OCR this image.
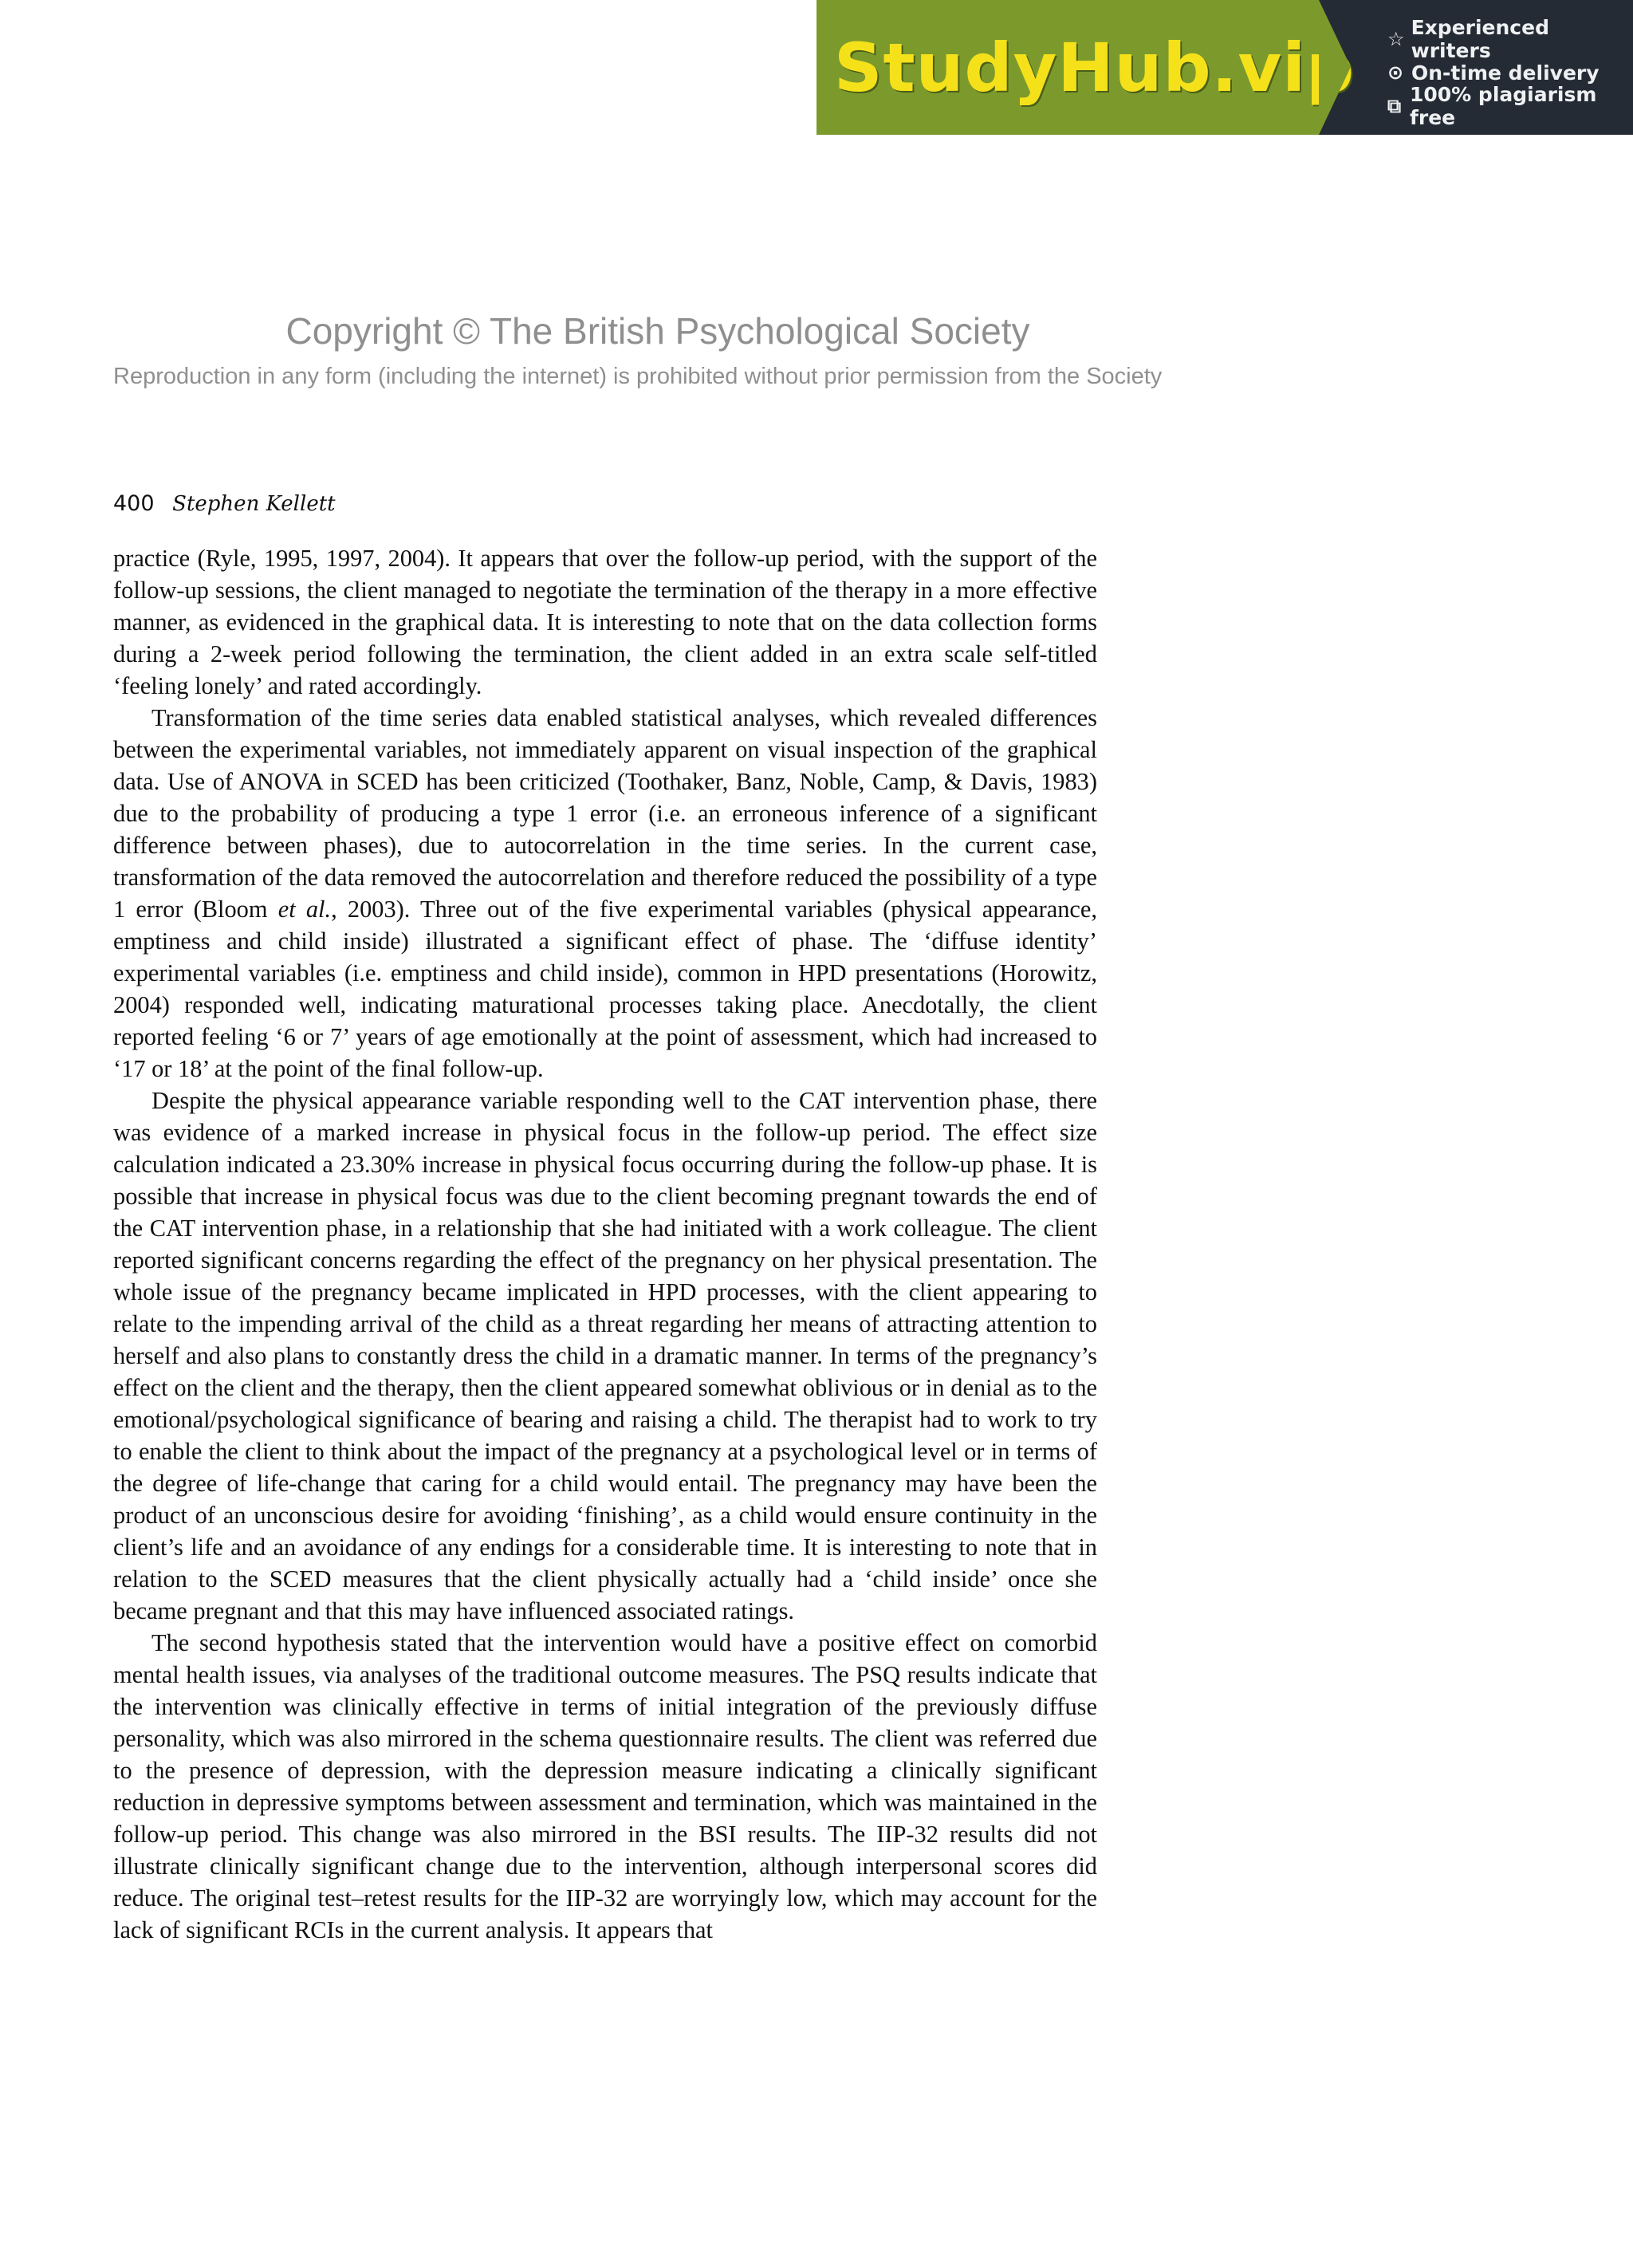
StudyHub.vip ☆ Experienced writers
⊙ On-time delivery
⧉ 100% plagiarism free
Copyright © The British Psychological Society
Reproduction in any form (including the internet) is prohibited without prior permission from the Society
400 Stephen Kellett

practice (Ryle, 1995, 1997, 2004). It appears that over the follow-up period, with the support of the follow-up sessions, the client managed to negotiate the termination of the therapy in a more effective manner, as evidenced in the graphical data. It is interesting to note that on the data collection forms during a 2-week period following the termination, the client added in an extra scale self-titled ‘feeling lonely’ and rated accordingly.

Transformation of the time series data enabled statistical analyses, which revealed differences between the experimental variables, not immediately apparent on visual inspection of the graphical data. Use of ANOVA in SCED has been criticized (Toothaker, Banz, Noble, Camp, & Davis, 1983) due to the probability of producing a type 1 error (i.e. an erroneous inference of a significant difference between phases), due to autocorrelation in the time series. In the current case, transformation of the data removed the autocorrelation and therefore reduced the possibility of a type 1 error (Bloom et al., 2003). Three out of the five experimental variables (physical appearance, emptiness and child inside) illustrated a significant effect of phase. The ‘diffuse identity’ experimental variables (i.e. emptiness and child inside), common in HPD presentations (Horowitz, 2004) responded well, indicating maturational processes taking place. Anecdotally, the client reported feeling ‘6 or 7’ years of age emotionally at the point of assessment, which had increased to ‘17 or 18’ at the point of the final follow-up.

Despite the physical appearance variable responding well to the CAT intervention phase, there was evidence of a marked increase in physical focus in the follow-up period. The effect size calculation indicated a 23.30% increase in physical focus occurring during the follow-up phase. It is possible that increase in physical focus was due to the client becoming pregnant towards the end of the CAT intervention phase, in a relationship that she had initiated with a work colleague. The client reported significant concerns regarding the effect of the pregnancy on her physical presentation. The whole issue of the pregnancy became implicated in HPD processes, with the client appearing to relate to the impending arrival of the child as a threat regarding her means of attracting attention to herself and also plans to constantly dress the child in a dramatic manner. In terms of the pregnancy’s effect on the client and the therapy, then the client appeared somewhat oblivious or in denial as to the emotional/psychological significance of bearing and raising a child. The therapist had to work to try to enable the client to think about the impact of the pregnancy at a psychological level or in terms of the degree of life-change that caring for a child would entail. The pregnancy may have been the product of an unconscious desire for avoiding ‘finishing’, as a child would ensure continuity in the client’s life and an avoidance of any endings for a considerable time. It is interesting to note that in relation to the SCED measures that the client physically actually had a ‘child inside’ once she became pregnant and that this may have influenced associated ratings.

The second hypothesis stated that the intervention would have a positive effect on comorbid mental health issues, via analyses of the traditional outcome measures. The PSQ results indicate that the intervention was clinically effective in terms of initial integration of the previously diffuse personality, which was also mirrored in the schema questionnaire results. The client was referred due to the presence of depression, with the depression measure indicating a clinically significant reduction in depressive symptoms between assessment and termination, which was maintained in the follow-up period. This change was also mirrored in the BSI results. The IIP-32 results did not illustrate clinically significant change due to the intervention, although interpersonal scores did reduce. The original test–retest results for the IIP-32 are worryingly low, which may account for the lack of significant RCIs in the current analysis. It appears that
